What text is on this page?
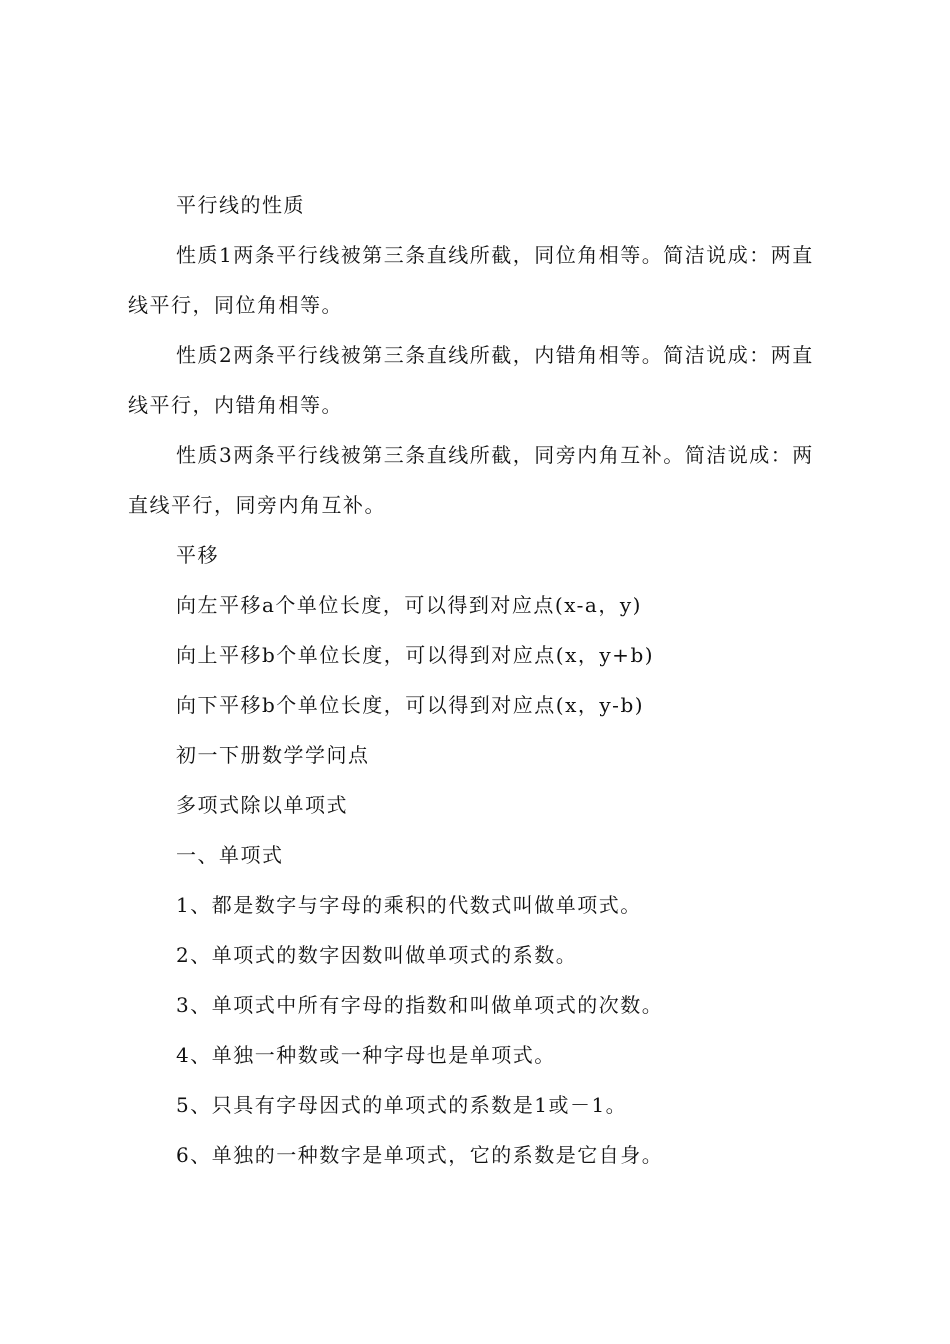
平行线的性质

性质1两条平行线被第三条直线所截，同位角相等。简洁说成：两直线平行，同位角相等。

性质2两条平行线被第三条直线所截，内错角相等。简洁说成：两直线平行，内错角相等。

性质3两条平行线被第三条直线所截，同旁内角互补。简洁说成：两直线平行，同旁内角互补。

平移

向左平移a个单位长度，可以得到对应点(x-a，y)

向上平移b个单位长度，可以得到对应点(x，y+b)

向下平移b个单位长度，可以得到对应点(x，y-b)

初一下册数学学问点

多项式除以单项式

一、单项式

1、都是数字与字母的乘积的代数式叫做单项式。

2、单项式的数字因数叫做单项式的系数。

3、单项式中所有字母的指数和叫做单项式的次数。

4、单独一种数或一种字母也是单项式。

5、只具有字母因式的单项式的系数是1或－1。

6、单独的一种数字是单项式，它的系数是它自身。
